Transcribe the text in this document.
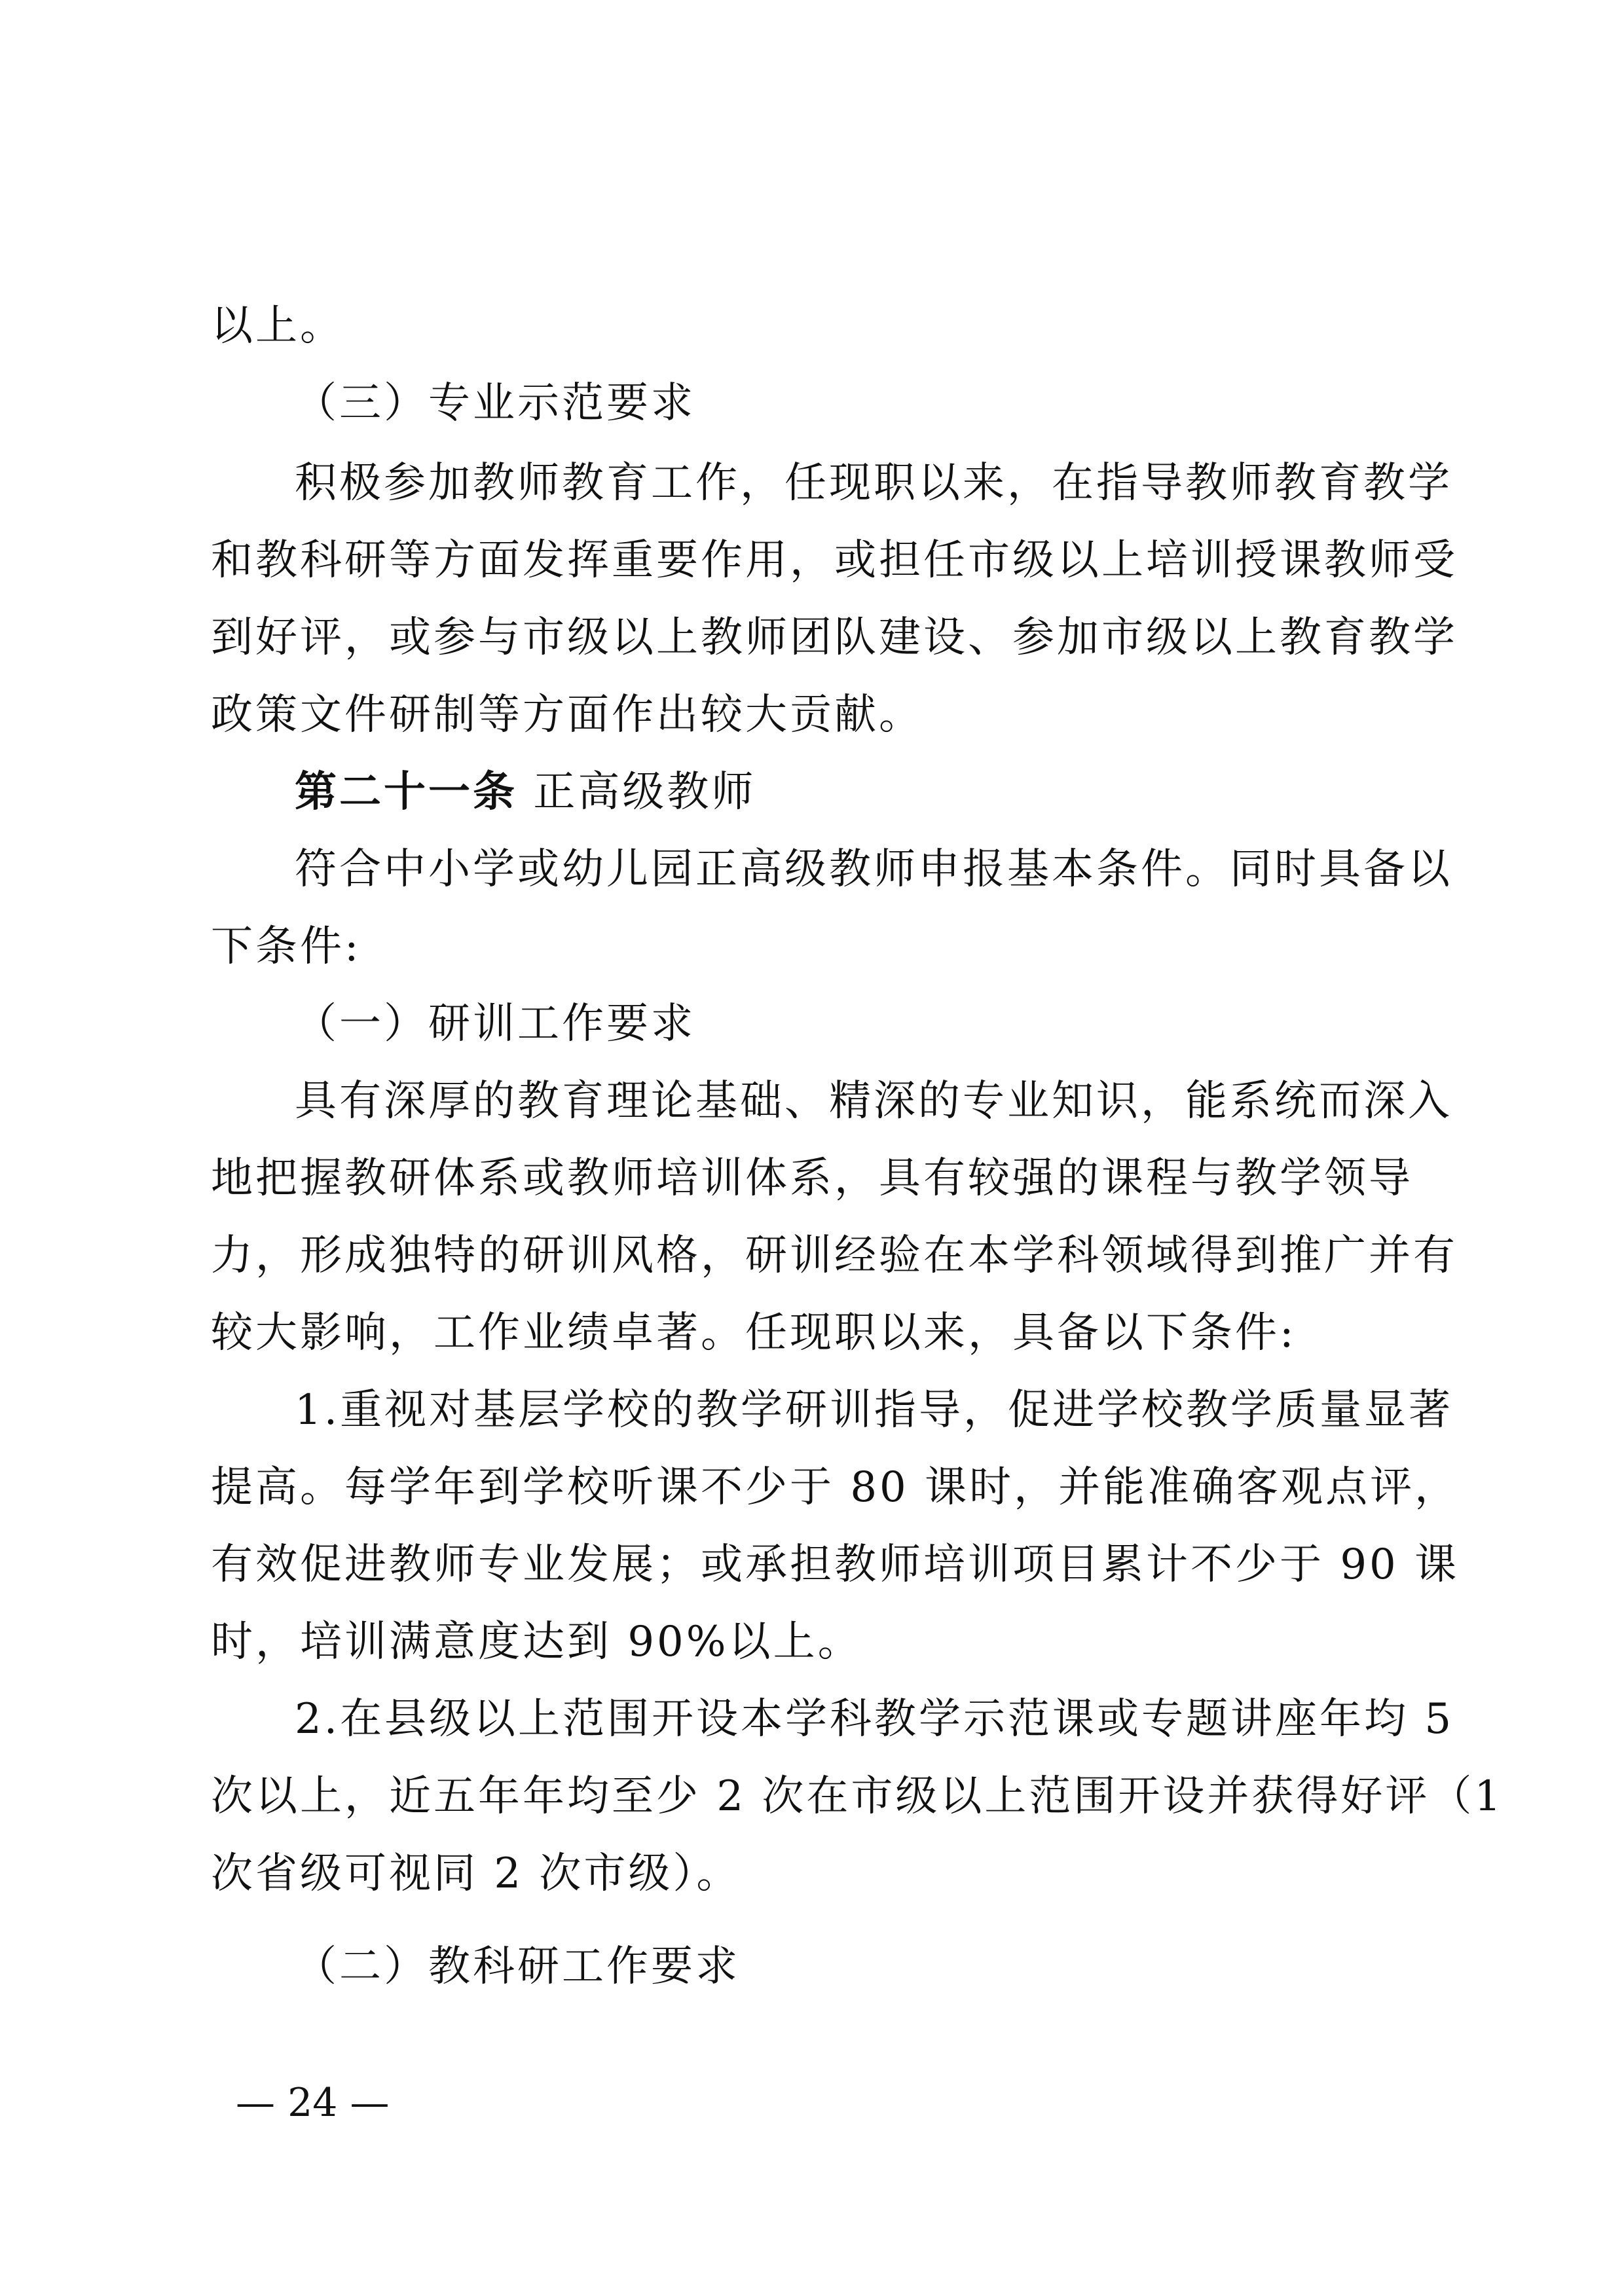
以上。
（三）专业示范要求
积极参加教师教育工作，任现职以来，在指导教师教育教学
和教科研等方面发挥重要作用，或担任市级以上培训授课教师受
到好评，或参与市级以上教师团队建设、参加市级以上教育教学
政策文件研制等方面作出较大贡献。
第二十一条 正高级教师
符合中小学或幼儿园正高级教师申报基本条件。同时具备以
下条件:
（一）研训工作要求
具有深厚的教育理论基础、精深的专业知识，能系统而深入
地把握教研体系或教师培训体系，具有较强的课程与教学领导
力，形成独特的研训风格，研训经验在本学科领域得到推广并有
较大影响，工作业绩卓著。任现职以来，具备以下条件:
1.重视对基层学校的教学研训指导，促进学校教学质量显著
提高。每学年到学校听课不少于 80 课时，并能准确客观点评，
有效促进教师专业发展；或承担教师培训项目累计不少于 90 课
时，培训满意度达到 90%以上。
2.在县级以上范围开设本学科教学示范课或专题讲座年均 5
次以上，近五年年均至少 2 次在市级以上范围开设并获得好评（1
次省级可视同 2 次市级）。
（二）教科研工作要求
— 24 —
